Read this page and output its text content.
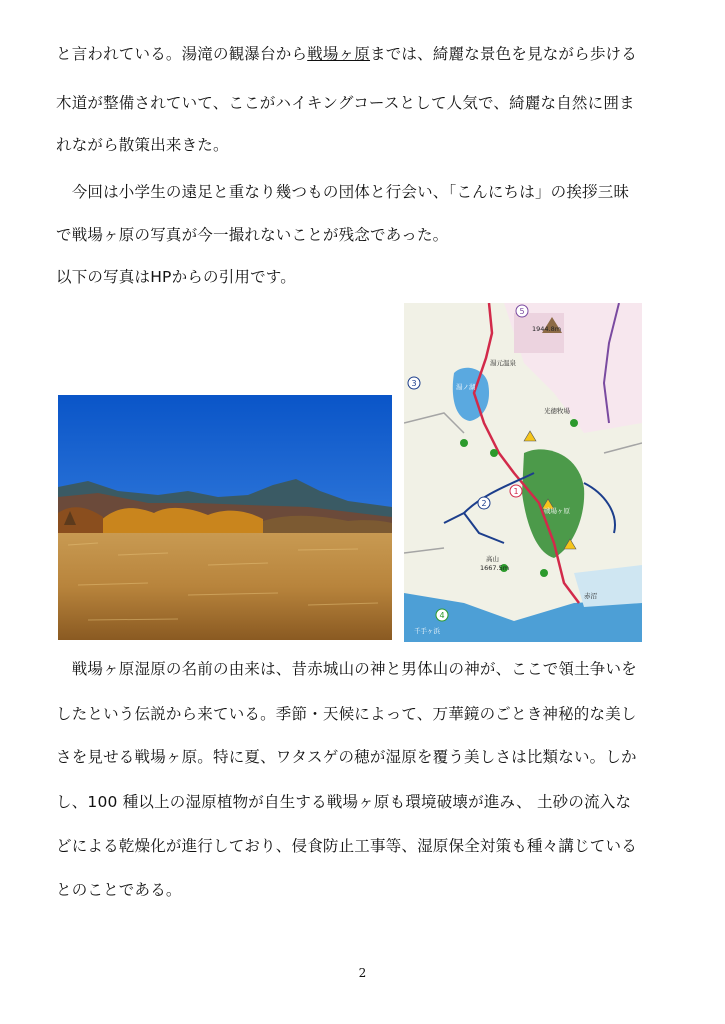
と言われている。湯滝の観瀑台から戦場ヶ原までは、綺麗な景色を見ながら歩ける
木道が整備されていて、ここがハイキングコースとして人気で、綺麗な自然に囲ま
れながら散策出来きた。
　今回は小学生の遠足と重なり幾つもの団体と行会い、「こんにちは」の挨拶三昧
で戦場ヶ原の写真が今一撮れないことが残念であった。
以下の写真はHPからの引用です。
1944.8m
湯ノ湖
湯元温泉
光徳牧場
戦場ヶ原
高山
1667.5m
赤沼
千手ヶ浜
5
3
2
1
4
　戦場ヶ原湿原の名前の由来は、昔赤城山の神と男体山の神が、ここで領土争いを
したという伝説から来ている。季節・天候によって、万華鏡のごとき神秘的な美し
さを見せる戦場ヶ原。特に夏、ワタスゲの穂が湿原を覆う美しさは比類ない。しか
し、100 種以上の湿原植物が自生する戦場ヶ原も環境破壊が進み、 土砂の流入な
どによる乾燥化が進行しており、侵食防止工事等、湿原保全対策も種々講じている
とのことである。
2
